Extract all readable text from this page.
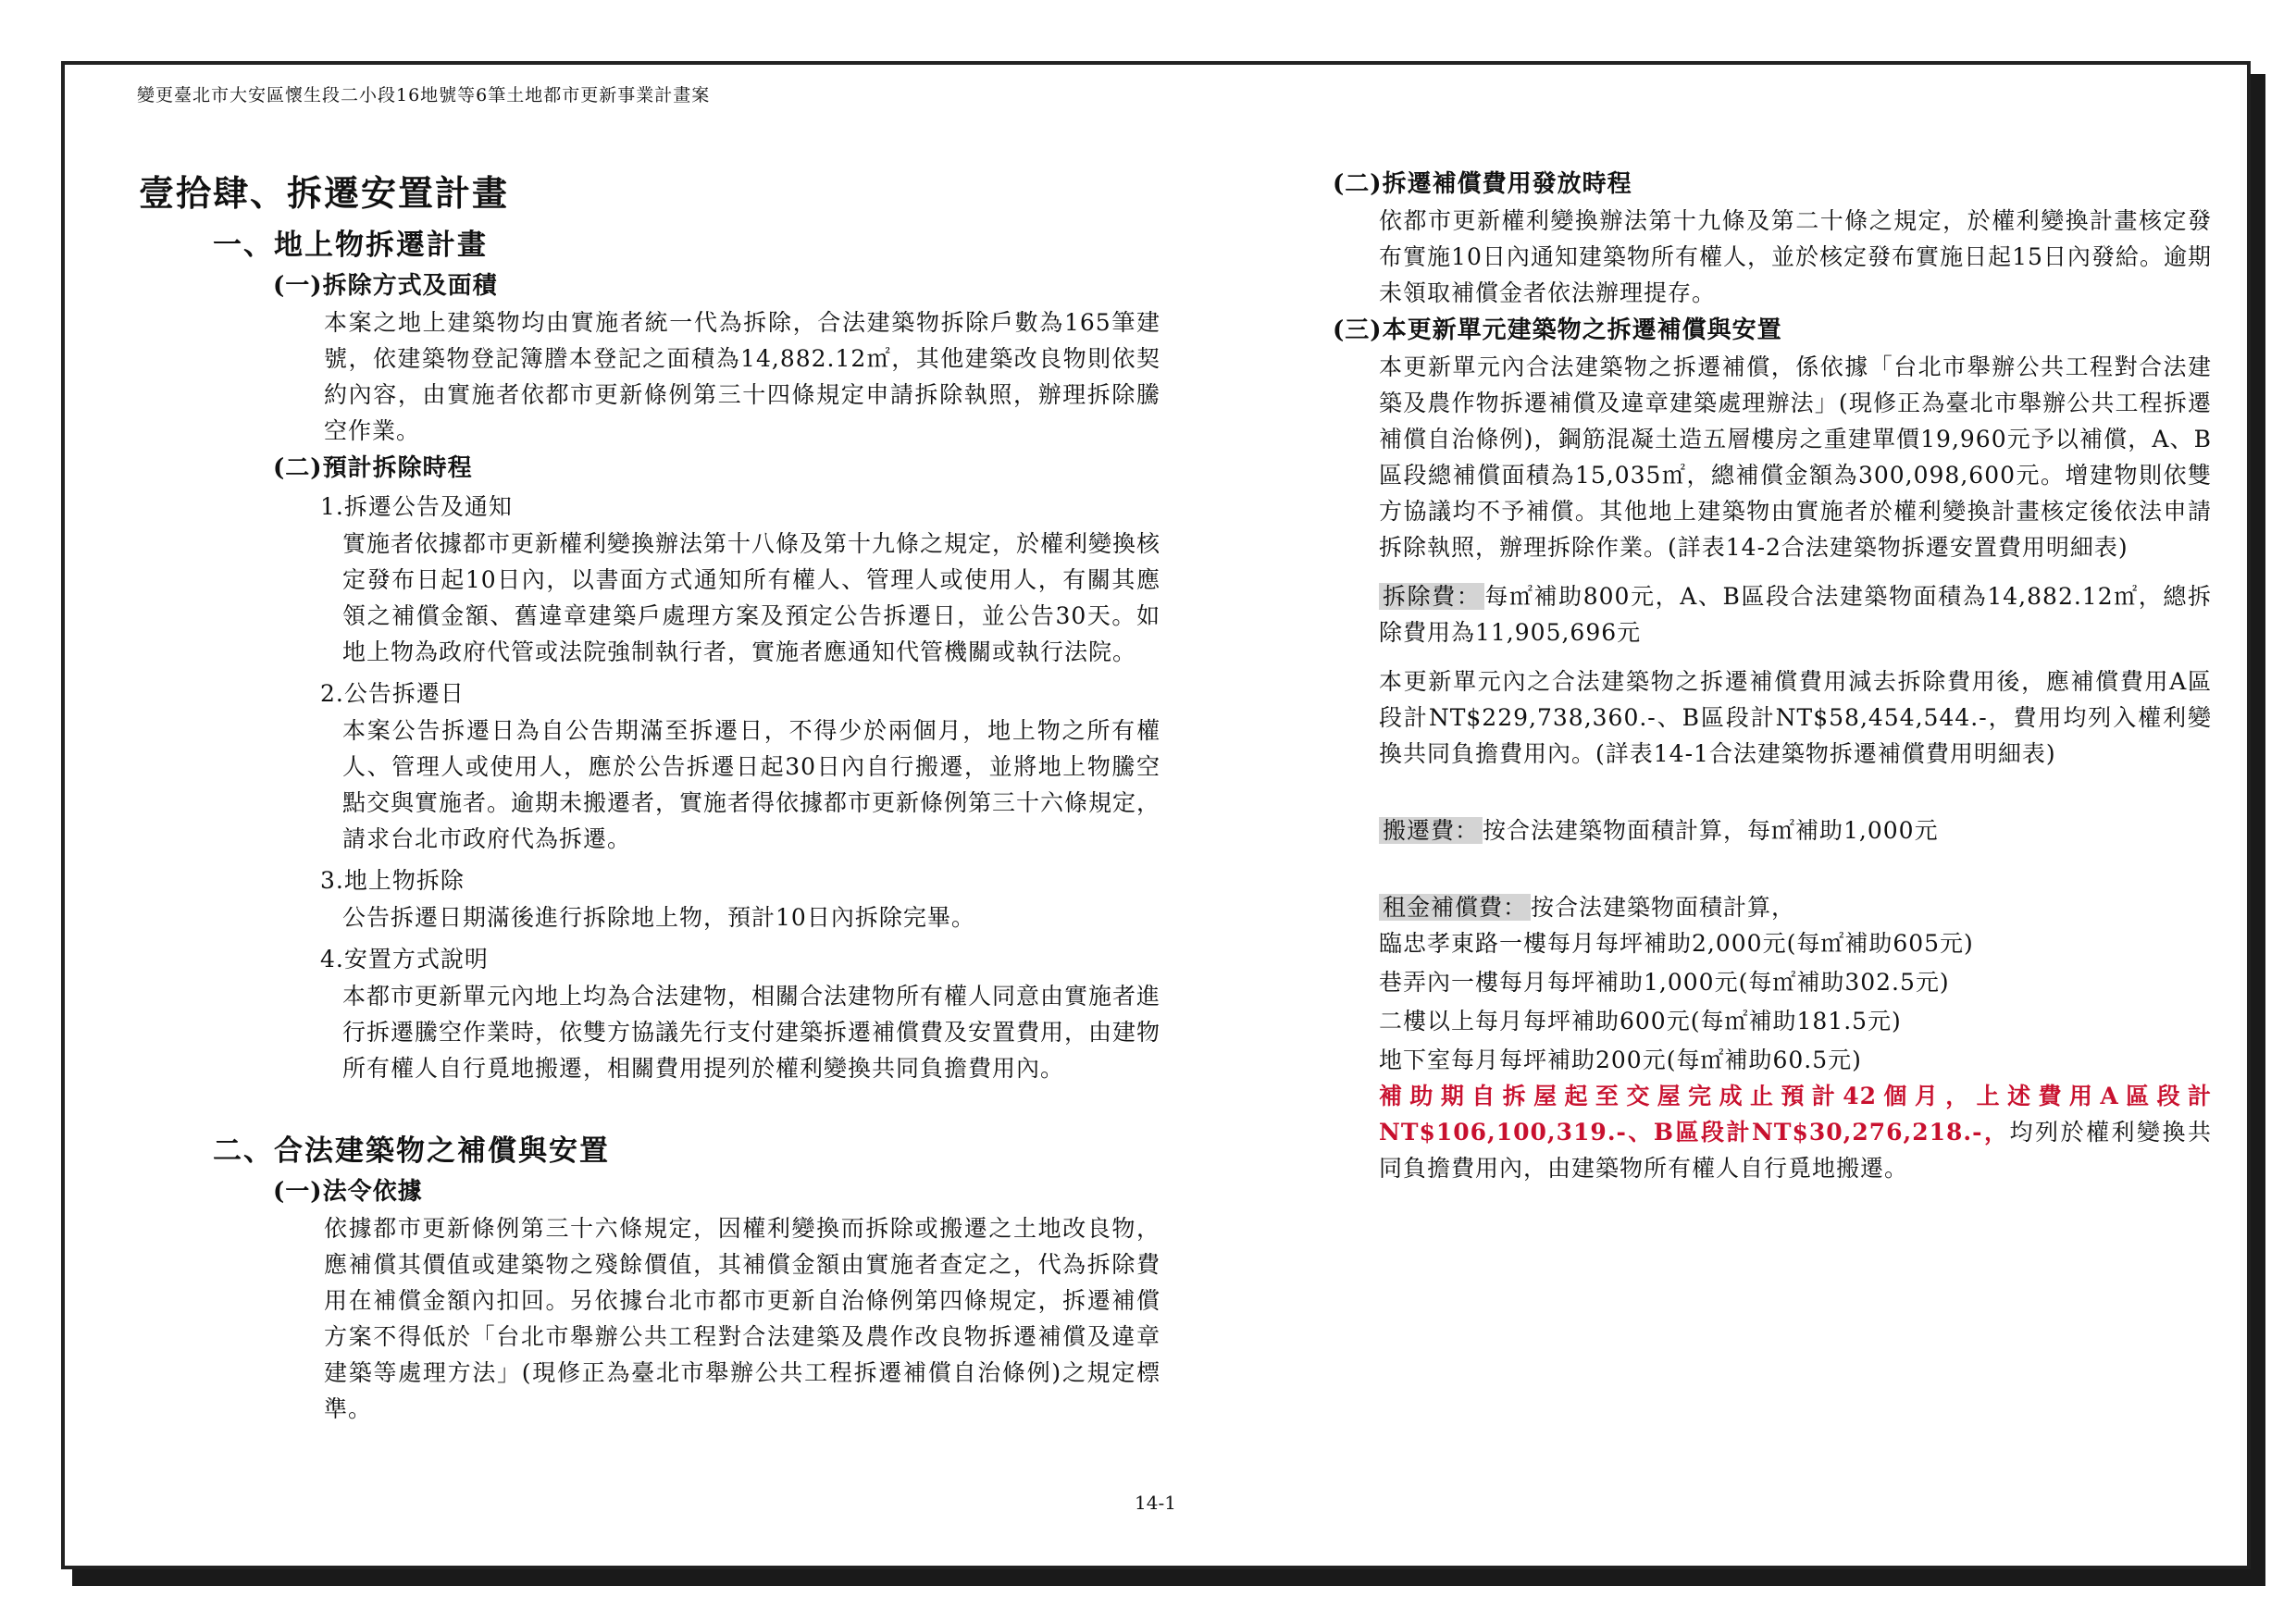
變更臺北市大安區懷生段二小段16地號等6筆土地都市更新事業計畫案
壹拾肆、拆遷安置計畫
一、地上物拆遷計畫
(一)拆除方式及面積

本案之地上建築物均由實施者統一代為拆除，合法建築物拆除戶數為165筆建號，依建築物登記簿謄本登記之面積為14,882.12㎡，其他建築改良物則依契約內容，由實施者依都市更新條例第三十四條規定申請拆除執照，辦理拆除騰空作業。

(二)預計拆除時程
1.拆遷公告及通知

實施者依據都市更新權利變換辦法第十八條及第十九條之規定，於權利變換核定發布日起10日內，以書面方式通知所有權人、管理人或使用人，有關其應領之補償金額、舊違章建築戶處理方案及預定公告拆遷日，並公告30天。如地上物為政府代管或法院強制執行者，實施者應通知代管機關或執行法院。

2.公告拆遷日

本案公告拆遷日為自公告期滿至拆遷日，不得少於兩個月，地上物之所有權人、管理人或使用人，應於公告拆遷日起30日內自行搬遷，並將地上物騰空點交與實施者。逾期未搬遷者，實施者得依據都市更新條例第三十六條規定，請求台北市政府代為拆遷。

3.地上物拆除

公告拆遷日期滿後進行拆除地上物，預計10日內拆除完畢。

4.安置方式說明

本都市更新單元內地上均為合法建物，相關合法建物所有權人同意由實施者進行拆遷騰空作業時，依雙方協議先行支付建築拆遷補償費及安置費用，由建物所有權人自行覓地搬遷，相關費用提列於權利變換共同負擔費用內。

二、合法建築物之補償與安置
(一)法令依據

依據都市更新條例第三十六條規定，因權利變換而拆除或搬遷之土地改良物，應補償其價值或建築物之殘餘價值，其補償金額由實施者查定之，代為拆除費用在補償金額內扣回。另依據台北市都市更新自治條例第四條規定，拆遷補償方案不得低於「台北市舉辦公共工程對合法建築及農作改良物拆遷補償及違章建築等處理方法」(現修正為臺北市舉辦公共工程拆遷補償自治條例)之規定標準。

(二)拆遷補償費用發放時程

依都市更新權利變換辦法第十九條及第二十條之規定，於權利變換計畫核定發布實施10日內通知建築物所有權人，並於核定發布實施日起15日內發給。逾期未領取補償金者依法辦理提存。

(三)本更新單元建築物之拆遷補償與安置

本更新單元內合法建築物之拆遷補償，係依據「台北市舉辦公共工程對合法建築及農作物拆遷補償及違章建築處理辦法」(現修正為臺北市舉辦公共工程拆遷補償自治條例)，鋼筋混凝土造五層樓房之重建單價19,960元予以補償，A、B區段總補償面積為15,035㎡，總補償金額為300,098,600元。增建物則依雙方協議均不予補償。其他地上建築物由實施者於權利變換計畫核定後依法申請拆除執照，辦理拆除作業。(詳表14-2合法建築物拆遷安置費用明細表)

拆除費： 每㎡補助800元，A、B區段合法建築物面積為14,882.12㎡，總拆除費用為11,905,696元

本更新單元內之合法建築物之拆遷補償費用減去拆除費用後，應補償費用A區段計NT$229,738,360.-、B區段計NT$58,454,544.-，費用均列入權利變換共同負擔費用內。(詳表14-1合法建築物拆遷補償費用明細表)

搬遷費： 按合法建築物面積計算，每㎡補助1,000元

租金補償費： 按合法建築物面積計算，

臨忠孝東路一樓每月每坪補助2,000元(每㎡補助605元)

巷弄內一樓每月每坪補助1,000元(每㎡補助302.5元)

二樓以上每月每坪補助600元(每㎡補助181.5元)

地下室每月每坪補助200元(每㎡補助60.5元)

補助期自拆屋起至交屋完成止預計42個月，上述費用A區段計NT$106,100,319.-、B區段計NT$30,276,218.-，均列於權利變換共同負擔費用內，由建築物所有權人自行覓地搬遷。

14-1
